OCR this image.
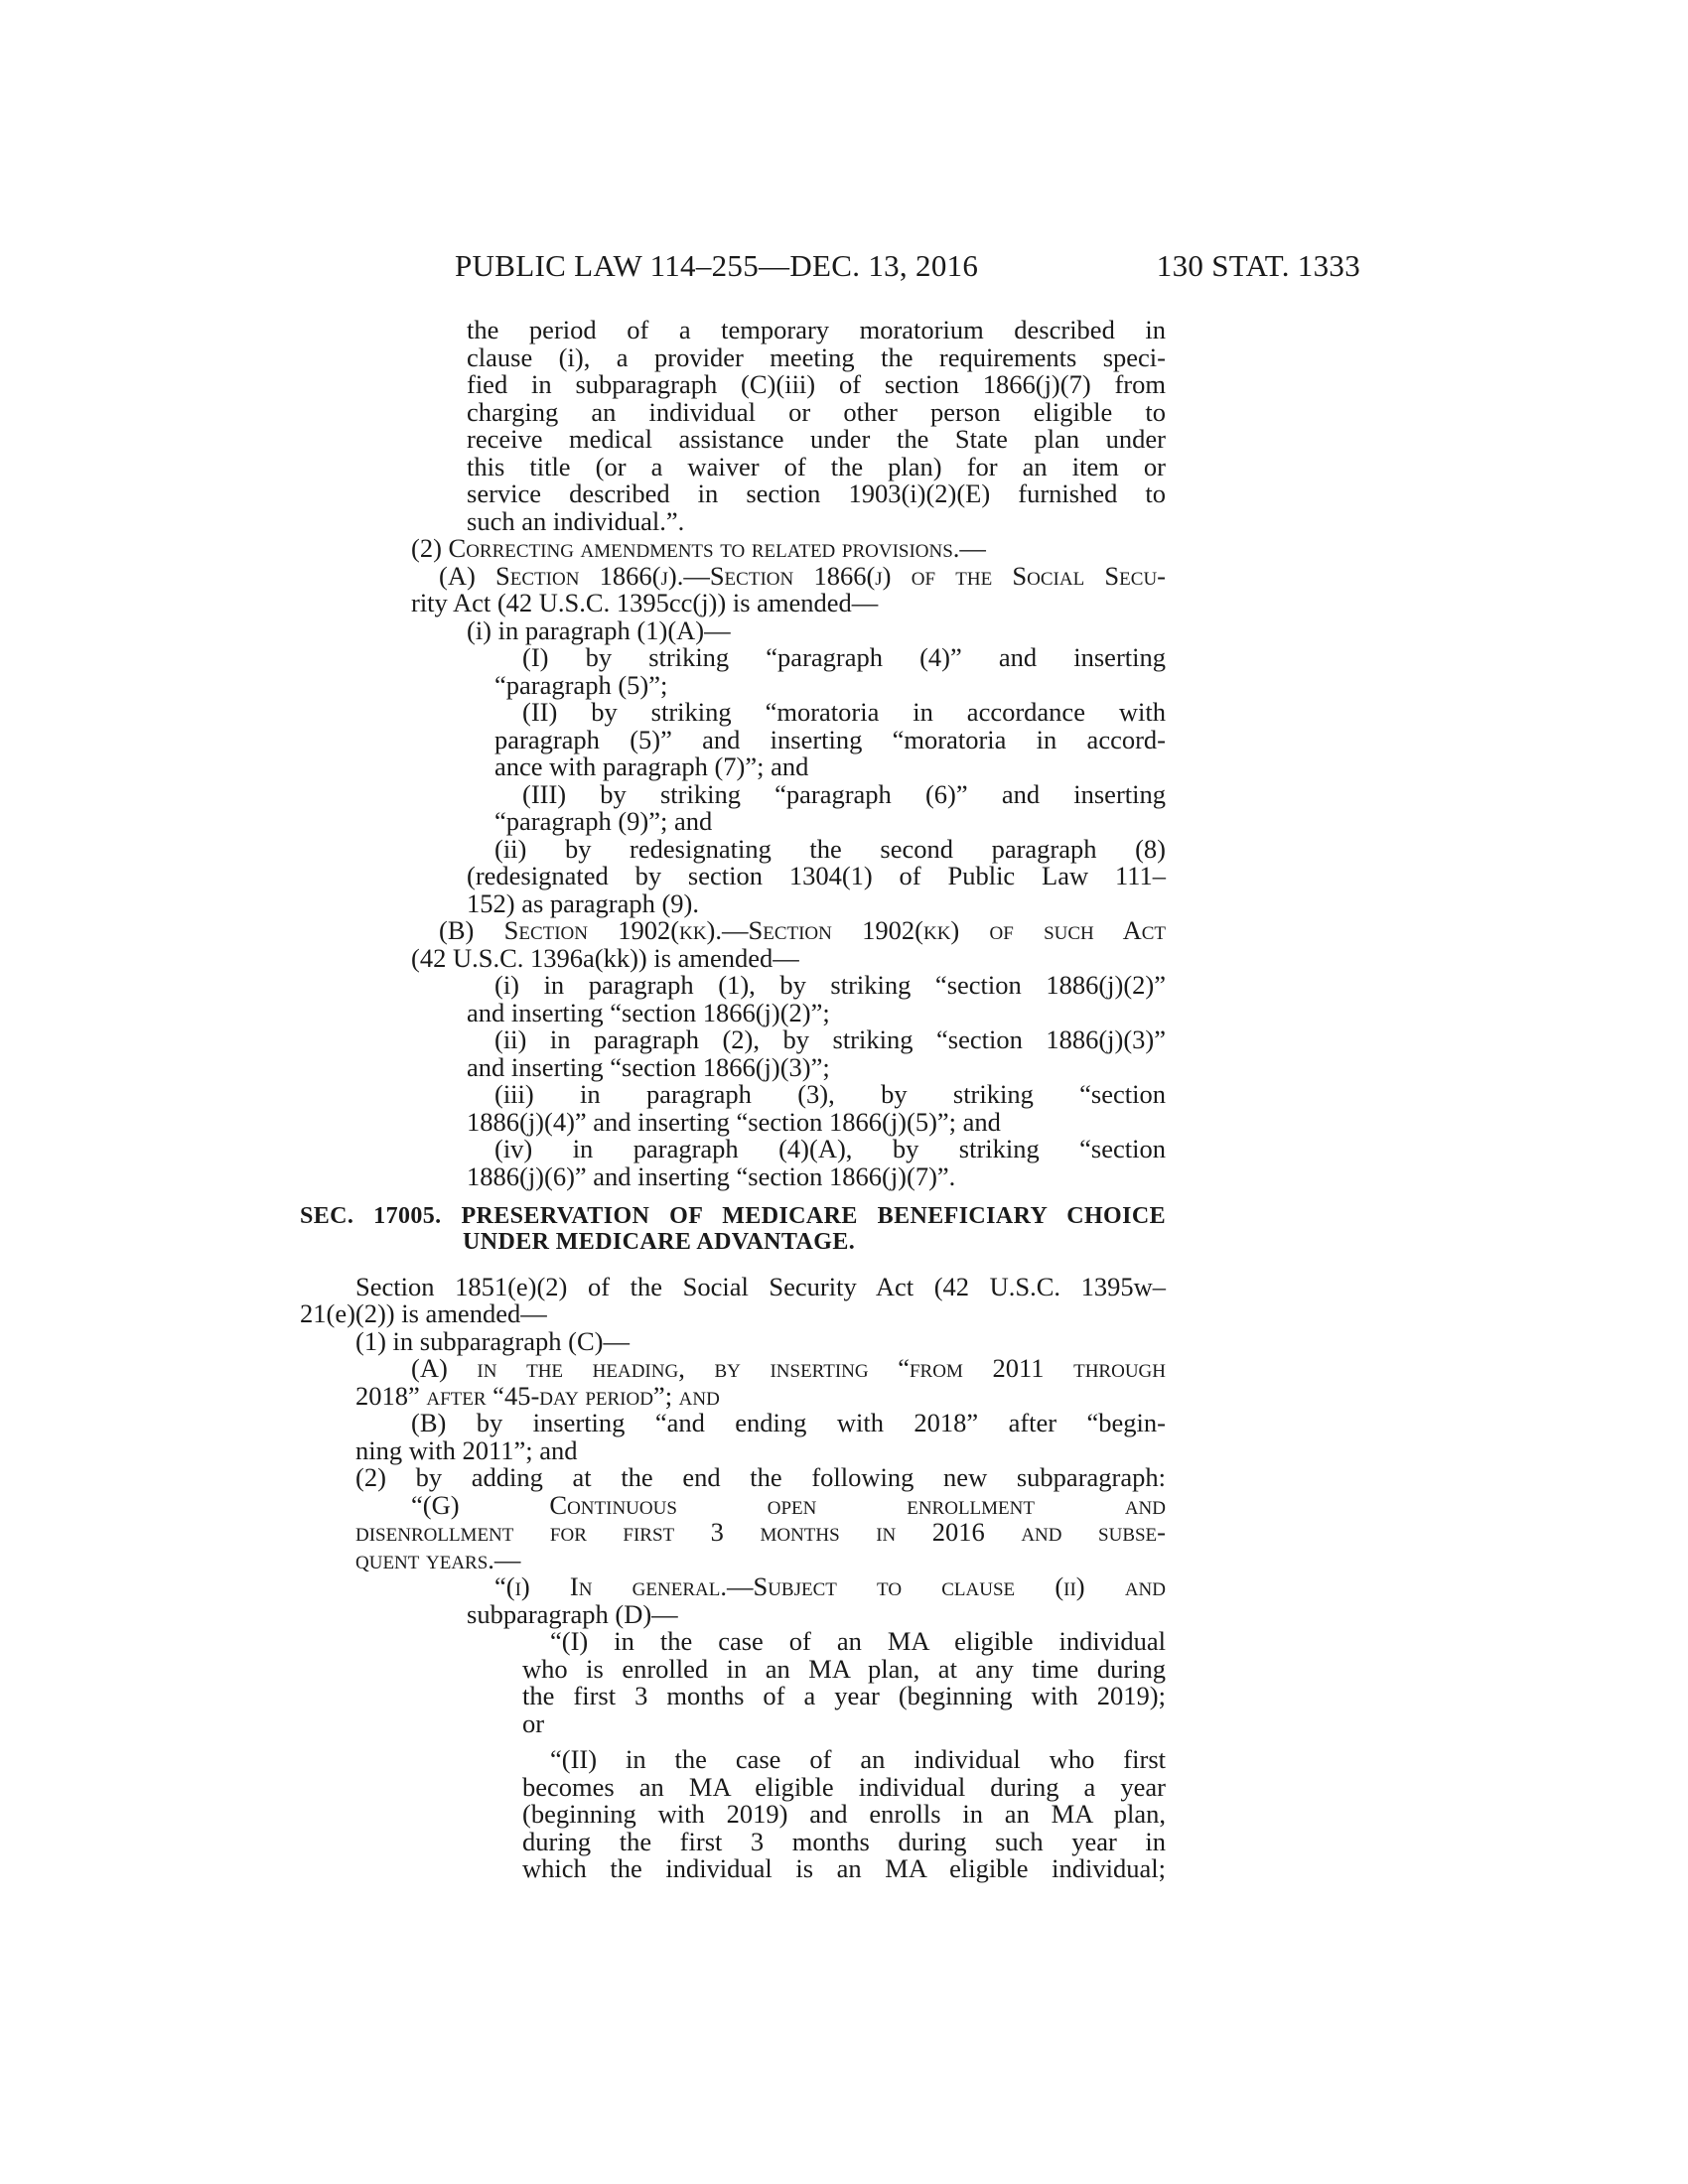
PUBLIC LAW 114–255—DEC. 13, 2016	130 STAT. 1333
the period of a temporary moratorium described in
clause (i), a provider meeting the requirements speci-
fied in subparagraph (C)(iii) of section 1866(j)(7) from
charging an individual or other person eligible to
receive medical assistance under the State plan under
this title (or a waiver of the plan) for an item or
service described in section 1903(i)(2)(E) furnished to
such an individual.”.
(2) Correcting amendments to related provisions.—
(A) Section 1866(j).—Section 1866(j) of the Social Secu-
rity Act (42 U.S.C. 1395cc(j)) is amended—
(i) in paragraph (1)(A)—
(I) by striking “paragraph (4)” and inserting
“paragraph (5)”;
(II) by striking “moratoria in accordance with
paragraph (5)” and inserting “moratoria in accord-
ance with paragraph (7)”; and
(III) by striking “paragraph (6)” and inserting
“paragraph (9)”; and
(ii) by redesignating the second paragraph (8)
(redesignated by section 1304(1) of Public Law 111–
152) as paragraph (9).
(B) Section 1902(kk).—Section 1902(kk) of such Act
(42 U.S.C. 1396a(kk)) is amended—
(i) in paragraph (1), by striking “section 1886(j)(2)”
and inserting “section 1866(j)(2)”;
(ii) in paragraph (2), by striking “section 1886(j)(3)”
and inserting “section 1866(j)(3)”;
(iii) in paragraph (3), by striking “section
1886(j)(4)” and inserting “section 1866(j)(5)”; and
(iv) in paragraph (4)(A), by striking “section
1886(j)(6)” and inserting “section 1866(j)(7)”.
SEC. 17005. PRESERVATION OF MEDICARE BENEFICIARY CHOICE
UNDER MEDICARE ADVANTAGE.
Section 1851(e)(2) of the Social Security Act (42 U.S.C. 1395w–
21(e)(2)) is amended—
(1) in subparagraph (C)—
(A) in the heading, by inserting “from 2011 through
2018” after “45-day period”; and
(B) by inserting “and ending with 2018” after “begin-
ning with 2011”; and
(2) by adding at the end the following new subparagraph:
“(G) Continuous open enrollment and
disenrollment for first 3 months in 2016 and subse-
quent years.—
“(i) In general.—Subject to clause (ii) and
subparagraph (D)—
“(I) in the case of an MA eligible individual
who is enrolled in an MA plan, at any time during
the first 3 months of a year (beginning with 2019);
or
“(II) in the case of an individual who first
becomes an MA eligible individual during a year
(beginning with 2019) and enrolls in an MA plan,
during the first 3 months during such year in
which the individual is an MA eligible individual;
